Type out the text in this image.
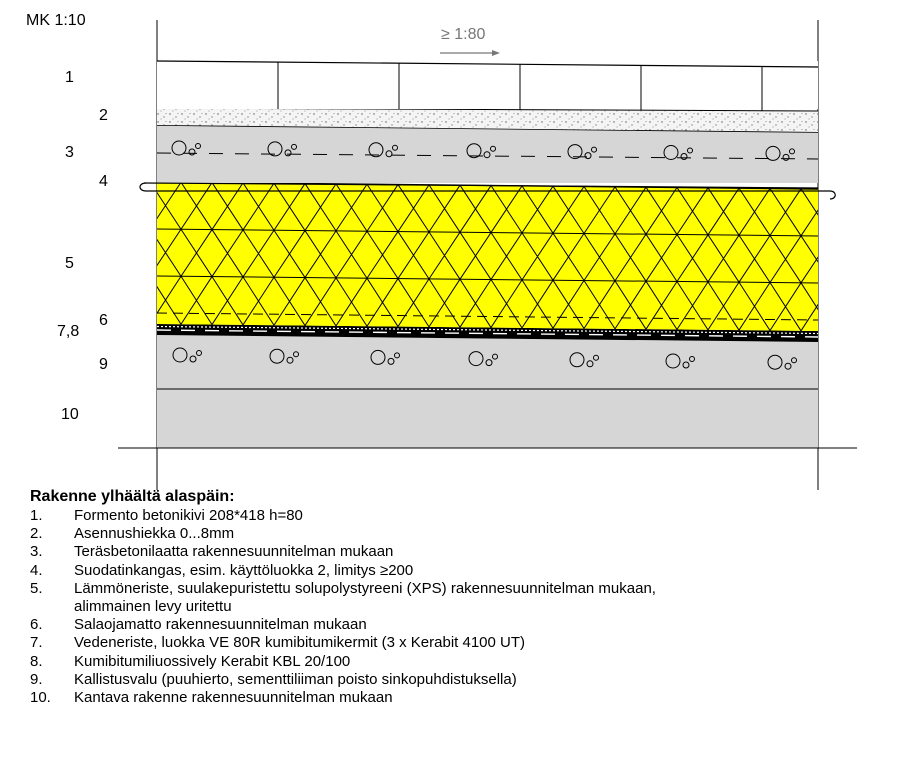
MK 1:10
≥ 1:80
1
2
3
4
5
6
7,8
9
10
Rakenne ylhäältä alaspäin:
1.	Formento betonikivi 208*418 h=80
2.	Asennushiekka 0...8mm
3.	Teräsbetonilaatta rakennesuunnitelman mukaan
4.	Suodatinkangas, esim. käyttöluokka 2, limitys ≥200
5.	Lämmöneriste, suulakepuristettu solupolystyreeni (XPS) rakennesuunnitelman mukaan,
alimmainen levy uritettu
6.	Salaojamatto rakennesuunnitelman mukaan
7.	Vedeneriste, luokka VE 80R kumibitumikermit (3 x Kerabit 4100 UT)
8.	Kumibitumiliuossively Kerabit KBL 20/100
9.	Kallistusvalu (puuhierto, sementtiliiman poisto sinkopuhdistuksella)
10.	Kantava rakenne rakennesuunnitelman mukaan
